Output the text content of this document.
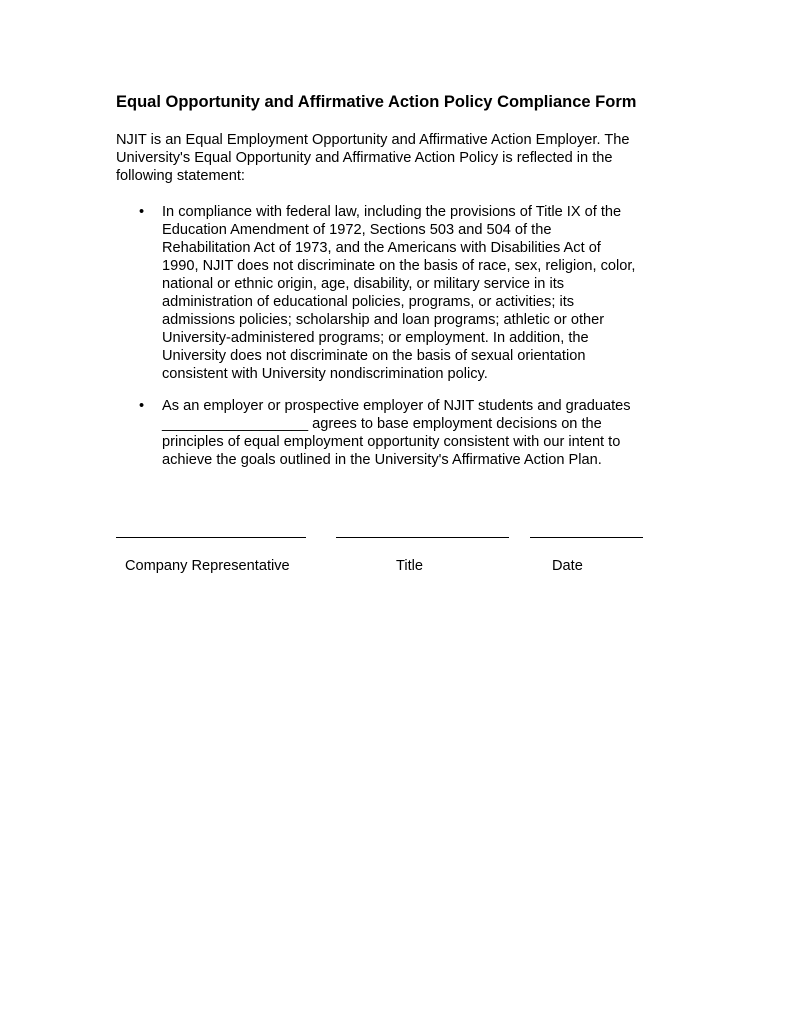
Equal Opportunity and Affirmative Action Policy Compliance Form
NJIT is an Equal Employment Opportunity and Affirmative Action Employer. The
University's Equal Opportunity and Affirmative Action Policy is reflected in the
following statement:
• In compliance with federal law, including the provisions of Title IX of the
Education Amendment of 1972, Sections 503 and 504 of the
Rehabilitation Act of 1973, and the Americans with Disabilities Act of
1990, NJIT does not discriminate on the basis of race, sex, religion, color,
national or ethnic origin, age, disability, or military service in its
administration of educational policies, programs, or activities; its
admissions policies; scholarship and loan programs; athletic or other
University-administered programs; or employment. In addition, the
University does not discriminate on the basis of sexual orientation
consistent with University nondiscrimination policy.
• As an employer or prospective employer of NJIT students and graduates
__________________ agrees to base employment decisions on the
principles of equal employment opportunity consistent with our intent to
achieve the goals outlined in the University's Affirmative Action Plan.
Company Representative	Title	Date
